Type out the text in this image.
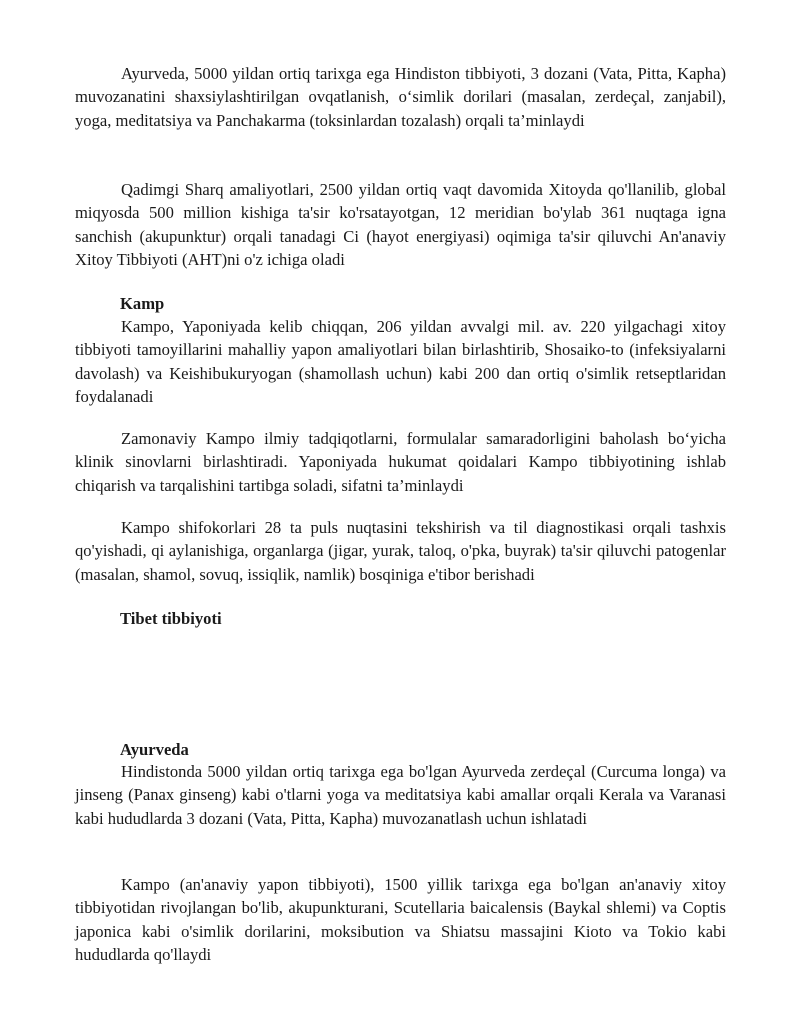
Ayurveda, 5000 yildan ortiq tarixga ega Hindiston tibbiyoti, 3 dozani (Vata, Pitta, Kapha) muvozanatini shaxsiylashtirilgan ovqatlanish, o‘simlik dorilari (masalan, zerdeçal, zanjabil), yoga, meditatsiya va Panchakarma (toksinlardan tozalash) orqali ta’minlaydi

Qadimgi Sharq amaliyotlari, 2500 yildan ortiq vaqt davomida Xitoyda qo'llanilib, global miqyosda 500 million kishiga ta'sir ko'rsatayotgan, 12 meridian bo'ylab 361 nuqtaga igna sanchish (akupunktur) orqali tanadagi Ci (hayot energiyasi) oqimiga ta'sir qiluvchi An'anaviy Xitoy Tibbiyoti (AHT)ni o'z ichiga oladi

Kamp

Kampo, Yaponiyada kelib chiqqan, 206 yildan avvalgi mil. av. 220 yilgachagi xitoy tibbiyoti tamoyillarini mahalliy yapon amaliyotlari bilan birlashtirib, Shosaiko-to (infeksiyalarni davolash) va Keishibukuryogan (shamollash uchun) kabi 200 dan ortiq o'simlik retseptlaridan foydalanadi

Zamonaviy Kampo ilmiy tadqiqotlarni, formulalar samaradorligini baholash bo‘yicha klinik sinovlarni birlashtiradi. Yaponiyada hukumat qoidalari Kampo tibbiyotining ishlab chiqarish va tarqalishini tartibga soladi, sifatni ta’minlaydi

Kampo shifokorlari 28 ta puls nuqtasini tekshirish va til diagnostikasi orqali tashxis qo'yishadi, qi aylanishiga, organlarga (jigar, yurak, taloq, o'pka, buyrak) ta'sir qiluvchi patogenlar (masalan, shamol, sovuq, issiqlik, namlik) bosqiniga e'tibor berishadi

Tibet tibbiyoti

Ayurveda

Hindistonda 5000 yildan ortiq tarixga ega bo'lgan Ayurveda zerdeçal (Curcuma longa) va jinseng (Panax ginseng) kabi o'tlarni yoga va meditatsiya kabi amallar orqali Kerala va Varanasi kabi hududlarda 3 dozani (Vata, Pitta, Kapha) muvozanatlash uchun ishlatadi

Kampo (an'anaviy yapon tibbiyoti), 1500 yillik tarixga ega bo'lgan an'anaviy xitoy tibbiyotidan rivojlangan bo'lib, akupunkturani, Scutellaria baicalensis (Baykal shlemi) va Coptis japonica kabi o'simlik dorilarini, moksibution va Shiatsu massajini Kioto va Tokio kabi hududlarda qo'llaydi
